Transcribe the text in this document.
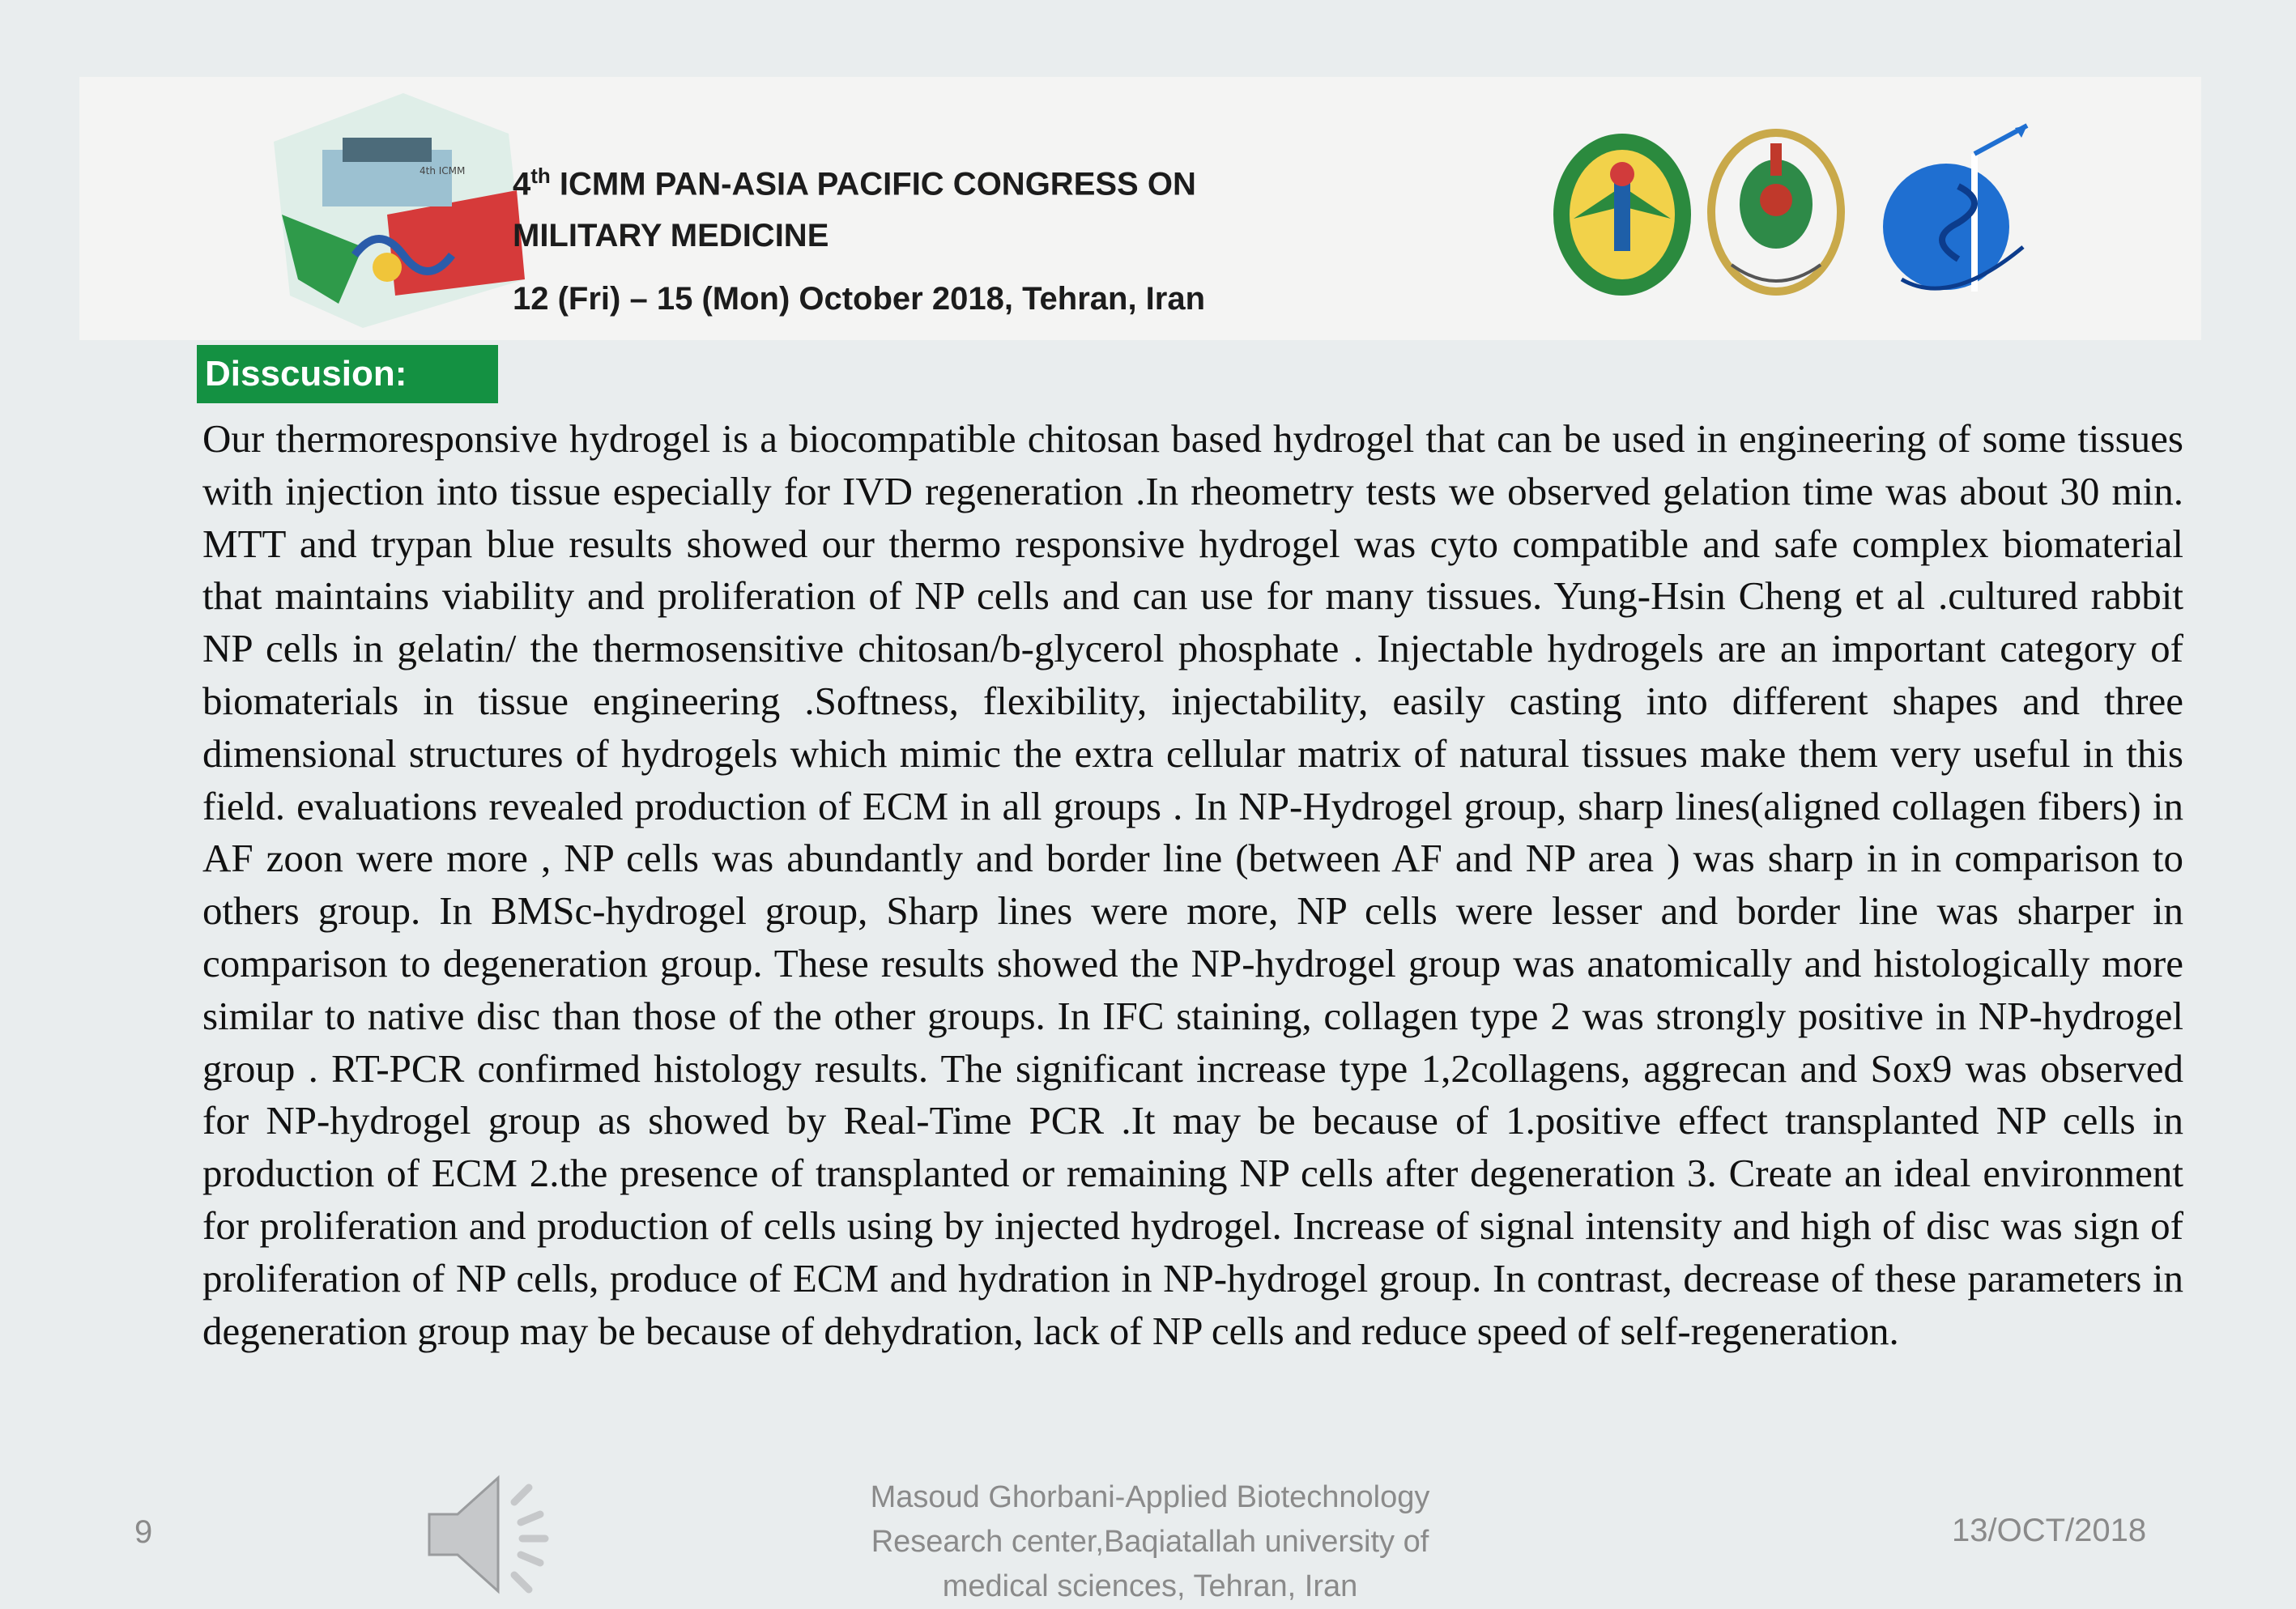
4th ICMM 4th ICMM PAN-ASIA PACIFIC CONGRESS ON
MILITARY MEDICINE
12 (Fri) – 15 (Mon) October 2018, Tehran, Iran
Disscusion:

Our thermoresponsive hydrogel is a biocompatible chitosan based hydrogel that can be used in engineering of some tissues with injection into tissue especially for IVD regeneration .In rheometry tests we observed gelation time was about 30 min. MTT and trypan blue results showed our thermo responsive hydrogel was cyto compatible and safe complex biomaterial that maintains viability and proliferation of NP cells and can use for many tissues. Yung-Hsin Cheng et al .cultured rabbit NP cells in gelatin/ the thermosensitive chitosan/b-glycerol phosphate . Injectable hydrogels are an important category of biomaterials in tissue engineering .Softness, flexibility, injectability, easily casting into different shapes and three dimensional structures of hydrogels which mimic the extra cellular matrix of natural tissues make them very useful in this field. evaluations revealed production of ECM in all groups . In NP-Hydrogel group, sharp lines(aligned collagen fibers) in AF zoon were more , NP cells was abundantly and border line (between AF and NP area ) was sharp in in comparison to others group. In BMSc-hydrogel group, Sharp lines were more, NP cells were lesser and border line was sharper in comparison to degeneration group. These results showed the NP-hydrogel group was anatomically and histologically more similar to native disc than those of the other groups. In IFC staining, collagen type 2 was strongly positive in NP-hydrogel group . RT-PCR confirmed histology results. The significant increase type 1,2collagens, aggrecan and Sox9 was observed for NP-hydrogel group as showed by Real-Time PCR .It may be because of 1.positive effect transplanted NP cells in production of ECM 2.the presence of transplanted or remaining NP cells after degeneration 3. Create an ideal environment for proliferation and production of cells using by injected hydrogel. Increase of signal intensity and high of disc was sign of proliferation of NP cells, produce of ECM and hydration in NP-hydrogel group. In contrast, decrease of these parameters in degeneration group may be because of dehydration, lack of NP cells and reduce speed of self-regeneration.

9
Masoud Ghorbani-Applied Biotechnology
Research center,Baqiatallah university of
medical sciences, Tehran, Iran
13/OCT/2018
